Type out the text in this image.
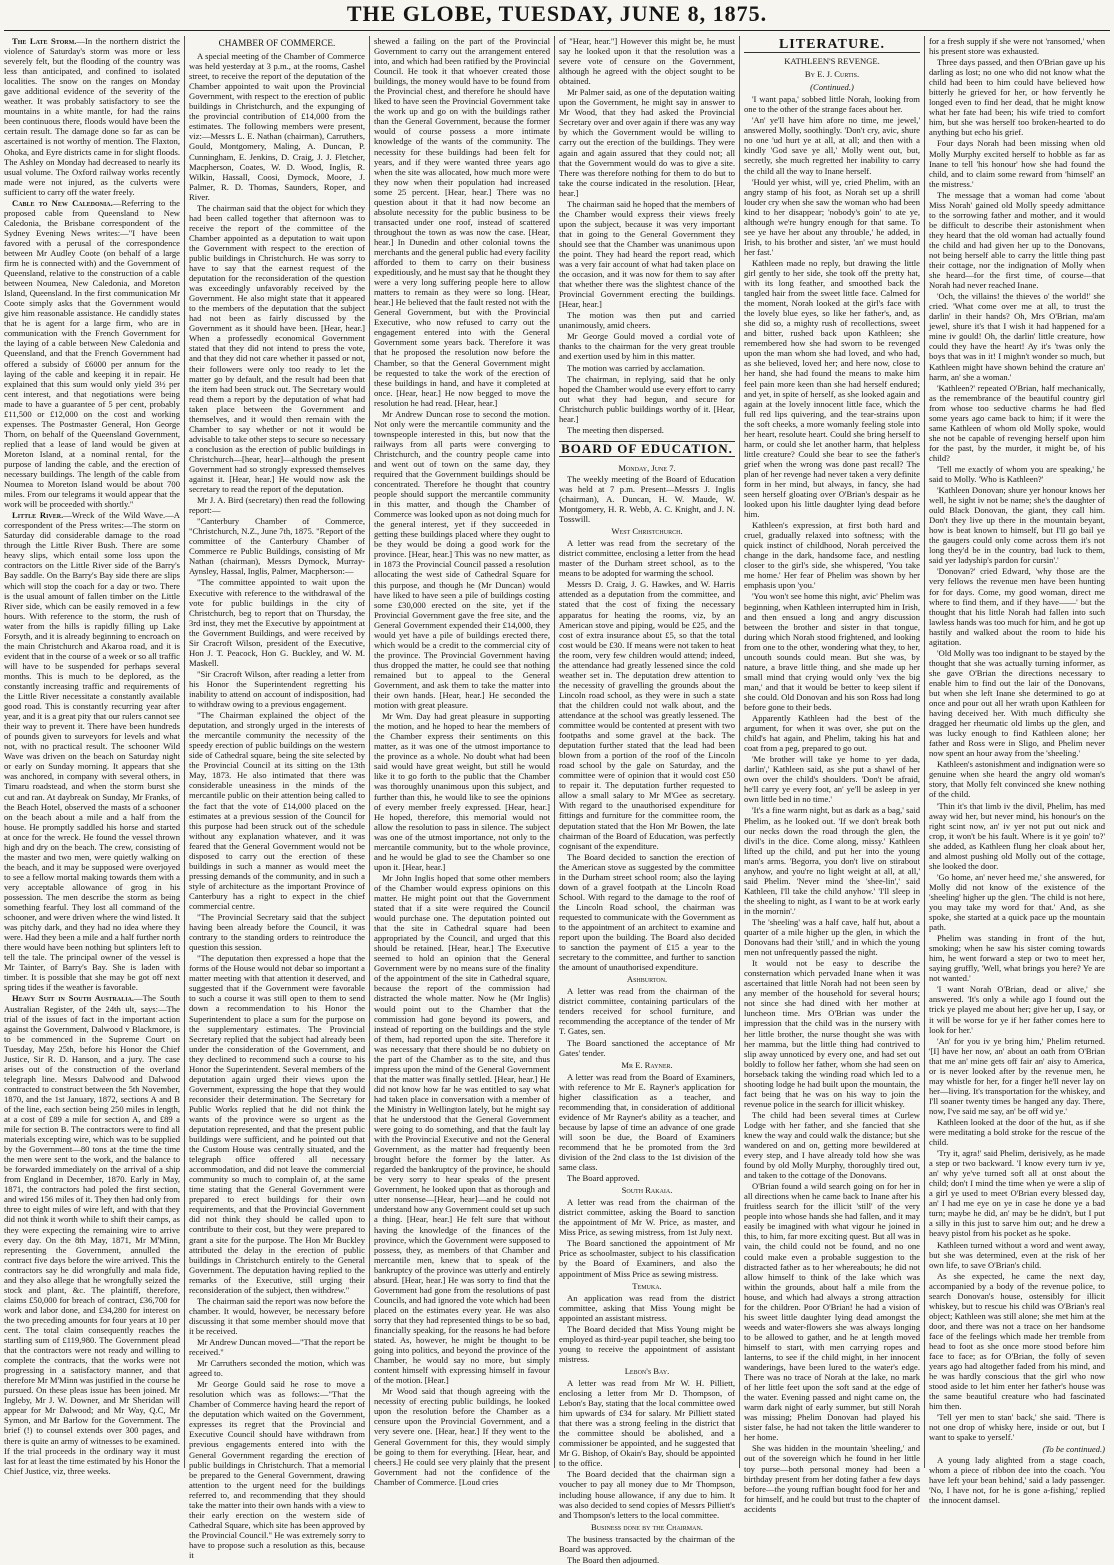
THE GLOBE, TUESDAY, JUNE 8, 1875.

The Late Storm.—In the northern district the violence of Saturday's storm was more or less severely felt, but the flooding of the country was less than anticipated, and confined to isolated localities. The snow on the ranges on Monday gave additional evidence of the severity of the weather. It was probably satisfactory to see the mountains in a white mantle, for had the rains been continuous there, floods would have been the certain result. The damage done so far as can be ascertained is not worthy of mention. The Flaxton, Ohoka, and Eyre districts came in for slight floods. The Ashley on Monday had decreased to nearly its usual volume. The Oxford railway works recently made were not injured, as the culverts were sufficient to carry off the water freely.

Cable to New Caledonia.—Referring to the proposed cable from Queensland to New Caledonia, the Brisbane correspondent of the Sydney Evening News writes:—"I have been favored with a perusal of the correspondence between Mr Audley Coote (on behalf of a large firm he is connected with) and the Government of Queensland, relative to the construction of a cable between Noumea, New Caledonia, and Moreton Island, Queensland. In the first communication Mr Coote simply asks that the Government would give him reasonable assistance. He candidly states that he is agent for a large firm, who are in communication with the French Government for the laying of a cable between New Caledonia and Queensland, and that the French Government had offered a subsidy of £6000 per annum for the laying of the cable and keeping it in repair. He explained that this sum would only yield 3½ per cent interest, and that negotiations were being made to have a guarantee of 5 per cent, probably £11,500 or £12,000 on the cost and working expenses. The Postmaster General, Hon George Thorn, on behalf of the Queensland Government, replied that a lease of land would be given at Moreton Island, at a nominal rental, for the purpose of landing the cable, and the erection of necessary buildings. The length of the cable from Noumea to Moreton Island would be about 700 miles. From our telegrams it would appear that the work will be proceeded with shortly."

Little River.—Wreck of the Wild Wave.—A correspondent of the Press writes:—The storm on Saturday did considerable damage to the road through the Little River Bush. There are some heavy slips, which entail some loss upon the contractors on the Little River side of the Barry's Bay saddle. On the Barry's Bay side there are slips which will stop the coach for a day or two. There is the usual amount of fallen timber on the Little River side, which can be easily removed in a few hours. With reference to the storm, the rush of water from the hills is rapidly filling up Lake Forsyth, and it is already beginning to encroach on the main Christchurch and Akaroa road, and it is evident that in the course of a week or so all traffic will have to be suspended for perhaps several months. This is much to be deplored, as the constantly increasing traffic and requirements of the Little River necessitate a constantly available good road. This is constantly recurring year after year, and it is a great pity that our rulers cannot see their way to prevent it. There have been hundreds of pounds given to surveyors for levels and what not, with no practical result. The schooner Wild Wave was driven on the beach on Saturday night or early on Sunday morning. It appears that she was anchored, in company with several others, in Timaru roadstead, and when the storm burst she cut and ran. At daybreak on Sunday, Mr Franks, of the Beach Hotel, observed the masts of a schooner on the beach about a mile and a half from the house. He promptly saddled his horse and started at once for the wreck. He found the vessel thrown high and dry on the beach. The crew, consisting of the master and two men, were quietly walking on the beach, and it may be supposed were overjoyed to see a fellow mortal making towards them with a very acceptable allowance of grog in his possession. The men describe the storm as being something fearful. They lost all command of the schooner, and were driven where the wind listed. It was pitchy dark, and they had no idea where they were. Had they been a mile and a half further north there would have been nothing but splinters left to tell the tale. The principal owner of the vessel is Mr Tainter, of Barry's Bay. She is laden with timber. It is possible that she may be got off next spring tides if the weather is favorable.

Heavy Suit in South Australia.—The South Australian Register, of the 24th ult, says:—The trial of the issues of fact in the important action against the Government, Dalwood v Blackmore, is to be commenced in the Supreme Court on Tuesday, May 25th, before his Honor the Chief Justice, Sir R. D. Hanson, and a jury. The case arises out of the construction of the overland telegraph line. Messrs Dalwood and Dalwood contracted to construct between the 5th November, 1870, and the 1st January, 1872, sections A and B of the line, each section being 250 miles in length, at a cost of £89 a mile for section A, and £89 a mile for section B. The contractors were to find all materials excepting wire, which was to be supplied by the Government—80 tons at the time the time the men were sent to the work, and the balance to be forwarded immediately on the arrival of a ship from England in December, 1870. Early in May, 1871, the contractors had poled the first section, and wired 156 miles of it. They then had only from three to eight miles of wire left, and with that they did not think it worth while to shift their camps, as they were expecting the remaining wire to arrive every day. On the 8th May, 1871, Mr M'Minn, representing the Government, annulled the contract five days before the wire arrived. This the contractors say he did wrongfully and mala fide, and they also allege that he wrongfully seized the stock and plant, &c. The plaintiff, therefore, claims £50,000 for breach of contract, £36,700 for work and labor done, and £34,280 for interest on the two preceding amounts for four years at 10 per cent. The total claim consequently reaches the startling sum of £119,980. The Government plead that the contractors were not ready and willing to complete the contracts, that the works were not progressing in a satisfactory manner, and that therefore Mr M'Minn was justified in the course he pursued. On these pleas issue has been joined. Mr Ingleby, Mr J. W. Downer, and Mr Sheridan will appear for Mr Dalwood; and Mr Way, Q.C, Mr Symon, and Mr Barlow for the Government. The brief (!) to counsel extends over 300 pages, and there is quite an army of witnesses to be examined. If the trial proceeds in the ordinary way it must last for at least the time estimated by his Honor the Chief Justice, viz, three weeks.

CHAMBER OF COMMERCE.

A special meeting of the Chamber of Commerce was held yesterday at 3 p.m., at the rooms, Cashel street, to receive the report of the deputation of the Chamber appointed to wait upon the Provincial Government, with respect to the erection of public buildings in Christchurch, and the expunging of the provincial contribution of £14,000 from the estimates. The following members were present, viz:—Messrs L. E. Nathan (chairman), Carruthers, Gould, Montgomery, Maling, A. Duncan, P. Cunningham, E. Jenkins, D. Craig, J. J. Fletcher, Macpherson, Coates, W. D. Wood, Inglis, R. Wilkin, Hassall, Coosi, Dymock, Moore, J. Palmer, R. D. Thomas, Saunders, Roper, and River.

The chairman said that the object for which they had been called together that afternoon was to receive the report of the committee of the Chamber appointed as a deputation to wait upon the Government with respect to the erection of public buildings in Christchurch. He was sorry to have to say that the earnest request of the deputation for the reconsideration of the question was exceedingly unfavorably received by the Government. He also might state that it appeared to the members of the deputation that the subject had not been as fairly discussed by the Government as it should have been. [Hear, hear.] When a professedly economical Government stated that they did not intend to press the vote, and that they did not care whether it passed or not, their followers were only too ready to let the matter go by default, and the result had been that the item had been struck out. The Secretary would read them a report by the deputation of what had taken place between the Government and themselves, and it would then remain with the Chamber to say whether or not it would be advisable to take other steps to secure so necessary a conclusion as the erection of public buildings in Christchurch—[hear, hear]—although the present Government had so strongly expressed themselves against it. [Hear, hear.] He would now ask the secretary to read the report of the deputation.

Mr J. A. Bird (secretary) then read the following report:—

"Canterbury Chamber of Commerce, "Christchurch, N.Z., June 7th, 1875. "Report of the committee of the Canterbury Chamber of Commerce re Public Buildings, consisting of Mr Nathan (chairman), Messrs Dymock, Murray-Aynsley, Hassal, Inglis, Palmer, Macpherson:—

"The committee appointed to wait upon the Executive with reference to the withdrawal of the vote for public buildings in the city of Christchurch, beg to report that on Thursday, the 3rd inst, they met the Executive by appointment at the Government Buildings, and were received by Sir Cracroft Wilson, president of the Executive, Hon J. T. Peacock, Hon G. Buckley, and W. M. Maskell.

"Sir Cracroft Wilson, after reading a letter from his Honor the Superintendent regretting his inability to attend on account of indisposition, had to withdraw owing to a previous engagement.

"The Chairman explained the object of the deputation, and strongly urged in the interests of the mercantile community the necessity of the speedy erection of public buildings on the western side of Cathedral square, being the site selected by the Provincial Council at its sitting on the 13th May, 1873. He also intimated that there was considerable uneasiness in the minds of the mercantile public on their attention being called to the fact that the vote of £14,000 placed on the estimates at a previous session of the Council for this purpose had been struck out of the schedule without any explanation whatever, and it was feared that the General Government would not be disposed to carry out the erection of these buildings in such a manner as would meet the pressing demands of the community, and in such a style of architecture as the important Province of Canterbury has a right to expect in the chief commercial centre.

"The Provincial Secretary said that the subject having been already before the Council, it was contrary to the standing orders to reintroduce the question this session.

"The deputation then expressed a hope that the forms of the House would not debar so important a matter meeting with that attention it deserved, and suggested that if the Government were favorable to such a course it was still open to them to send down a recommendation to his Honor the Superintendent to place a sum for the purpose on the supplementary estimates. The Provincial Secretary replied that the subject had already been under the consideration of the Government, and they declined to recommend such a course to his Honor the Superintendent. Several members of the deputation again urged their views upon the Government, expressing the hope that they would reconsider their determination. The Secretary for Public Works replied that he did not think the wants of the province were so urgent as the deputation represented, and that the present public buildings were sufficient, and he pointed out that the Custom House was centrally situated, and the telegraph office offered all necessary accommodation, and did not leave the commercial community so much to complain of, at the same time stating that the General Government were prepared to erect buildings for their own requirements, and that the Provincial Government did not think they should be called upon to contribute to their cost, but they were prepared to grant a site for the purpose. The Hon Mr Buckley attributed the delay in the erection of public buildings in Christchurch entirely to the General Government. The deputation having replied to the remarks of the Executive, still urging their reconsideration of the subject, then withdrew."

The chairman said the report was now before the chamber. It would, however, be necessary before discussing it that some member should move that it be received.

Mr Andrew Duncan moved—"That the report be received."

Mr Carruthers seconded the motion, which was agreed to.

Mr George Gould said he rose to move a resolution which was as follows:—"That the Chamber of Commerce having heard the report of the deputation which waited on the Government, expresses its regret that the Provincial and Executive Council should have withdrawn from previous engagements entered into with the General Government regarding the erection of public buildings in Christchurch. That a memorial be prepared to the General Government, drawing attention to the urgent need for the buildings referred to, and recommending that they should take the matter into their own hands with a view to their early erection on the western side of Cathedral Square, which site has been approved by the Provincial Council." He was extremely sorry to have to propose such a resolution as this, because it

shewed a failing on the part of the Provincial Government to carry out the arrangement entered into, and which had been ratified by the Provincial Council. He took it that whoever created those buildings, the money would have to be found from the Provincial chest, and therefore he should have liked to have seen the Provincial Government take the work up and go on with the buildings rather than the General Government, because the former would of course possess a more intimate knowledge of the wants of the community. The necessity for these buildings had been felt for years, and if they were wanted three years ago when the site was allocated, how much more were they now when their population had increased some 25 percent. [Hear, hear.] There was no question about it that it had now become an absolute necessity for the public business to be transacted under one roof, instead of scattered throughout the town as was now the case. [Hear, hear.] In Dunedin and other colonial towns the merchants and the general public had every facility afforded to them to carry on their business expeditiously, and he must say that he thought they were a very long suffering people here to allow matters to remain as they were so long. [Hear, hear.] He believed that the fault rested not with the General Government, but with the Provincial Executive, who now refused to carry out the engagement entered into with the General Government some years back. Therefore it was that he proposed the resolution now before the Chamber, so that the General Government might be requested to take the work of the erection of these buildings in hand, and have it completed at once. [Hear, hear.] He now begged to move the resolution he had read. [Hear, hear.]

Mr Andrew Duncan rose to second the motion. Not only were the mercantile community and the townspeople interested in this, but now that the railways from all parts were converging to Christchurch, and the country people came into and went out of town on the same day, they required that the Government buildings should be concentrated. Therefore he thought that country people should support the mercantile community in this matter, and though the Chamber of Commerce was looked upon as not doing much for the general interest, yet if they succeeded in getting these buildings placed where they ought to be they would be doing a good work for the province. [Hear, hear.] This was no new matter, as in 1873 the Provincial Council passed a resolution allocating the west side of Cathedral Square for this purpose, and though he (Mr Duncan) would have liked to have seen a pile of buildings costing some £30,000 erected on the site, yet if the Provincial Government gave the free site, and the General Government expended their £14,000, they would yet have a pile of buildings erected there, which would be a credit to the commercial city of the province. The Provincial Government having thus dropped the matter, he could see that nothing remained but to appeal to the General Government, and ask them to take the matter into their own hands. [Hear, hear.] He seconded the motion with great pleasure.

Mr Wm. Day had great pleasure in supporting the motion, and he hoped to hear the members of the Chamber express their sentiments on this matter, as it was one of the utmost importance to the province as a whole. No doubt what had been said would have great weight, but still he would like it to go forth to the public that the Chamber was thoroughly unanimous upon this subject, and further than this, he would like to see the opinions of every member freely expressed. [Hear, hear.] He hoped, therefore, this memorial would not allow the resolution to pass in silence. The subject was one of the utmost importance, not only to the mercantile community, but to the whole province, and he would be glad to see the Chamber so one upon it. [Hear, hear.]

Mr John Inglis hoped that some other members of the Chamber would express opinions on this matter. He might point out that the Government stated that if a site were required the Council would purchase one. The deputation pointed out that the site in Cathedral square had been appropriated by the Council, and urged that this should be retained. [Hear, hear.] The Executive seemed to hold an opinion that the General Government were by no means sure of the finality of the appointment of the site in Cathedral square, because the report of the commission had distracted the whole matter. Now he (Mr Inglis) would point out to the Chamber that the commission had gone beyond its powers, and instead of reporting on the buildings and the style of them, had reported upon the site. Therefore it was necessary that there should be no dubiety on the part of the Chamber as to the site, and thus impress upon the mind of the General Government that the matter was finally settled. [Hear, hear.] He did not know how far he was entitled to say what had taken place in conversation with a member of the Ministry in Wellington lately, but he might say that he understood that the General Government were going to do something, and that the fault lay with the Provincial Executive and not the General Government, as the matter had frequently been brought before the former by the latter. As regarded the bankruptcy of the province, he should be very sorry to hear speaks of the present Government, he looked upon that as thorough and utter nonsense—[Hear, hear]—and he could not understand how any Government could set up such a thing. [Hear, hear.] He felt sure that without having the knowledge of the finances of the province, which the Government were supposed to possess, they, as members of that Chamber and mercantile men, knew that to speak of the bankruptcy of the province was utterly and entirely absurd. [Hear, hear.] He was sorry to find that the Government had gone from the resolutions of past Councils, and had ignored the vote which had been placed on the estimates every year. He was also sorry that they had represented things to be so bad, financially speaking, for the reasons he had before stated. As, however, he might be thought to be going into politics, and beyond the province of the Chamber, he would say no more, but simply content himself with expressing himself in favour of the motion. [Hear.]

Mr Wood said that though agreeing with the necessity of erecting public buildings, he looked upon the resolution before the Chamber as a censure upon the Provincial Government, and a very severe one. [Hear, hear.] If they went to the General Government for this, they would simply be going to them for everything. [Hear, hear, and cheers.] He could see very plainly that the present Government had not the confidence of the Chamber of Commerce. [Loud cries

of "Hear, hear."] However this might be, he must say he looked upon it that the resolution was a severe vote of censure on the Government, although he agreed with the object sought to be obtained.

Mr Palmer said, as one of the deputation waiting upon the Government, he might say in answer to Mr Wood, that they had asked the Provincial Secretary over and over again if there was any way by which the Government would be willing to carry out the erection of the buildings. They were again and again assured that they could not; all that the Government would do was to give a site. There was therefore nothing for them to do but to take the course indicated in the resolution. [Hear, hear.]

The chairman said he hoped that the members of the Chamber would express their views freely upon the subject, because it was very important that in going to the General Government they should see that the Chamber was unanimous upon the point. They had heard the report read, which was a very fair account of what had taken place on the occasion, and it was now for them to say after that whether there was the slightest chance of the Provincial Government erecting the buildings. [Hear, hear.]

The motion was then put and carried unanimously, amid cheers.

Mr George Gould moved a cordial vote of thanks to the chairman for the very great trouble and exertion used by him in this matter.

The motion was carried by acclamation.

The chairman, in replying, said that he only hoped the Chamber would use every effort to carry out what they had begun, and secure for Christchurch public buildings worthy of it. [Hear, hear.]

The meeting then dispersed.

BOARD OF EDUCATION.
Monday, June 7.

The weekly meeting of the Board of Education was held at 7 p.m. Present—Messrs J. Inglis (chairman), A. Duncan, H. W. Maude, W. Montgomery, H. R. Webb, A. C. Knight, and J. N. Tosswill.

West Christchurch.

A letter was read from the secretary of the district committee, enclosing a letter from the head master of the Durham street school, as to the means to be adopted for warming the school.

Messrs D. Craig, J. G. Hawkes, and W. Harris attended as a deputation from the committee, and stated that the cost of fixing the necessary apparatus for heating the rooms, viz, by an American stove and piping, would be £25, and the cost of extra insurance about £5, so that the total cost would be £30. If means were not taken to heat the room, very few children would attend; indeed, the attendance had greatly lessened since the cold weather set in. The deputation drew attention to the necessity of gravelling the grounds about the Lincoln road school, as they were in such a state that the children could not walk about, and the attendance at the school was greatly lessened. The committee would be contented at present with two footpaths and some gravel at the back. The deputation further stated that the lead had been blown from a portion of the roof of the Lincoln road school by the gale on Saturday, and the committee were of opinion that it would cost £50 to repair it. The deputation further requested to allow a small salary to Mr M'Gee as secretary. With regard to the unauthorised expenditure for fittings and furniture for the committee room, the deputation stated that the Hon Mr Bowen, the late chairman of the Board of Education, was perfectly cognisant of the expenditure.

The Board decided to sanction the erection of the American stove as suggested by the committee in the Durham street school room; also the laying down of a gravel footpath at the Lincoln Road School. With regard to the damage to the roof of the Lincoln Road school, the chairman was requested to communicate with the Government as to the appointment of an architect to examine and report upon the building. The Board also decided to sanction the payment of £15 a year to the secretary to the committee, and further to sanction the amount of unauthorised expenditure.

Ashburton.

A letter was read from the chairman of the district committee, containing particulars of the tenders received for school furniture, and recommending the acceptance of the tender of Mr T. Gates, sen.

The Board sanctioned the acceptance of Mr Gates' tender.

Mr E. Rayner.

A letter was read from the Board of Examiners, with reference to Mr E. Rayner's application for higher classification as a teacher, and recommending that, in consideration of additional evidence of Mr Rayner's ability as a teacher, and because by lapse of time an advance of one grade will soon be due, the Board of Examiners recommend that he be promoted from the 3rd division of the 2nd class to the 1st division of the same class.

The Board approved.

South Rakaia.

A letter was read from the chairman of the district committee, asking the Board to sanction the appointment of Mr W. Price, as master, and Miss Price, as sewing mistress, from 1st July next.

The Board sanctioned the appointment of Mr Price as schoolmaster, subject to his classification by the Board of Examiners, and also the appointment of Miss Price as sewing mistress.

Temuka.

An application was read from the district committee, asking that Miss Young might be appointed an assistant mistress.

The Board decided that Miss Young might be employed as third-year pupil teacher, she being too young to receive the appointment of assistant mistress.

Lebon's Bay.

A letter was read from Mr W. H. Pilliett, enclosing a letter from Mr D. Thompson, of Lebon's Bay, stating that the local committee owed him upwards of £34 for salary. Mr Pilliett stated that there was a strong feeling in the district that the committee should be abolished, and a commissioner be appointed, and he suggested that Mr G. Bishop, of Okain's Bay, should be appointed to the office.

The Board decided that the chairman sign a voucher to pay all money due to Mr Thompson, including house allowance, if any due to him. It was also decided to send copies of Messrs Pilliett's and Thompson's letters to the local committee.

Business done by the Chairman.

The business transacted by the chairman of the Board was approved.

The Board then adjourned.

LITERATURE.
KATHLEEN'S REVENGE.
By E. J. Curtis.
(Continued.)

'I want papa,' sobbed little Norah, looking from one to the other of the strange faces about her.

'An' ye'll have him afore no time, me jewel,' answered Molly, soothingly. 'Don't cry, avic, shure no one 'ud hurt ye at all, at all; and then with a kindly 'God save ye all,' Molly went out, but, secretly, she much regretted her inability to carry the child all the way to Inane herself.

'Hould yer whist, will ye, cried Phelim, with an angry stamp of his foot, as Norah set up a shrill louder cry when she saw the woman who had been kind to her disappear; 'nobody's goin' to ate ye, although we're hungry enough for that same. To see ye have her about any throuble,' he added, in Irish, to his brother and sister, 'an' we must hould her fast.'

Kathleen made no reply, but drawing the little girl gently to her side, she took off the pretty hat, with its long feather, and smoothed back the tangled hair from the sweet little face. Calmed for the moment, Norah looked at the girl's face with the lovely blue eyes, so like her father's, and, as she did so, a mighty rush of recollections, sweet and bitter, rushed back upon Kathleen; she remembered how she had sworn to be revenged upon the man whom she had loved, and who had, as she believed, loved her; and here now, close to her hand, she had found the means to make him feel pain more keen than she had herself endured; and yet, in spite of herself, as she looked again and again at the lovely innocent little face, which the full red lips quivering, and the tear-strains upon the soft cheeks, a more womanly feeling stole into her heart, resolute heart. Could she bring herself to harm, or could she let another harm, that helpless little creature? Could she bear to see the father's grief when the wrong was done past recall? The plan of her revenge had never taken a very definite form in her mind, but always, in fancy, she had seen herself gloating over O'Brian's despair as he looked upon his little daughter lying dead before him.

Kathleen's expression, at first both hard and cruel, gradually relaxed into softness; with the quick instinct of childhood, Norah perceived the change in the dark, handsome face, and nestling closer to the girl's side, she whispered, 'You take me home.' Her fear of Phelim was shown by her emphasis upon 'you.'

'You won't see home this night, avic' Phelim was beginning, when Kathleen interrupted him in Irish, and then ensued a long and angry discussion between the brother and sister in that tongue, during which Norah stood frightened, and looking from one to the other, wondering what they, to her, uncouth sounds could mean. But she was, by nature, a brave little thing, and she made up her small mind that crying would only 'vex the big man,' and that it would be better to keep silent if she could. Old Donovan and his son Ross had long before gone to their beds.

Apparently Kathleen had the best of the argument, for when it was over, she put on the child's hat again, and Phelim, taking his hat and coat from a peg, prepared to go out.

'Me brother will take ye home to yer dada, darlin',' Kathleen said, as she put a shawl of her own over the child's shoulders. 'Don't be afraid, he'll carry ye every foot, an' ye'll be asleep in yer own little bed in no time.'

'It's a fine warm night, but as dark as a bag,' said Phelim, as he looked out. 'If we don't break both our necks down the road through the glen, the divil's in the dice. Come along, missy.' Kathleen lifted up the child, and put her into the young man's arms. 'Begorra, you don't live on stirabout anyhow, and you're no light weight at all, at all,' said Phelim. 'Never mind the 'shee-lin',' said Kathleen, I'll take the child anyhow.' 'I'll sleep in the sheeling to night, as I want to be at work early in the mornin'.'

The 'sheeling' was a half cave, half hut, about a quarter of a mile higher up the glen, in which the Donovans had their 'still,' and in which the young men not unfrequently passed the night.

It would not be easy to describe the consternation which pervaded Inane when it was ascertained that little Norah had not been seen by any member of the household for several hours; not since she had dined with her mother at luncheon time. Mrs O'Brian was under the impression that the child was in the nursery with her little brother, the nurse thought she was with her mamma, but the little thing had contrived to slip away unnoticed by every one, and had set out boldly to follow her father, whom she had seen on horseback taking the winding road which led to a shooting lodge he had built upon the mountain, the fact being that he was on his way to join the revenue police in the search for illicit whiskey.

The child had been several times at Curlew Lodge with her father, and she fancied that she knew the way and could walk the distance; but she wandered on and on, getting more bewildered at every step, and I have already told how she was found by old Molly Murphy, thoroughly tired out, and taken to the cottage of the Donovans.

O'Brian found a wild search going on for her in all directions when he came back to Inane after his fruitless search for the illicit 'still' of the very people into whose hands she had fallen, and it may easily be imagined with what vigour he joined in this, to him, far more exciting quest. But all was in vain, the child could not be found, and no one could make even a probable suggestion to the distracted father as to her whereabouts; he did not allow himself to think of the lake which was within the grounds, about half a mile from the house, and which had always a strong attraction for the children. Poor O'Brian! he had a vision of his sweet little daughter lying dead amongst the weeds and water-flowers she was always longing to be allowed to gather, and he at length moved himself to start, with men carrying ropes and lanterns, to see if the child might, in her innocent wanderings, have been lured to the water's edge. There was no trace of Norah at the lake, no mark of her little feet upon the soft sand at the edge of the water. Evening passed and night came on, the warm dark night of early summer, but still Norah was missing; Phelim Donovan had played his sister false, he had not taken the little wanderer to her home.

She was hidden in the mountain 'sheeling,' and out of the sovereign which he found in her little toy purse—both personal money had been a birthday present from her doting father a few days before—the young ruffian bought food for her and for himself, and he could but trust to the chapter of accidents

for a fresh supply if she were not 'ransomed,' when his present store was exhausted.

Three days passed, and then O'Brian gave up his darling as lost; no one who did not know what the child had been to him could have believed how bitterly he grieved for her, or how fervently he longed even to find her dead, that he might know what her fate had been; his wife tried to comfort him, but she was herself too broken-hearted to do anything but echo his grief.

Four days Norah had been missing when old Molly Murphy excited herself to hobble as far as Inane to tell 'his honour' how she had found the child, and to claim some reward from 'himself' an the mistress.'

The message that a woman had come 'about Miss Norah' gained old Molly speedy admittance to the sorrowing father and mother, and it would be difficult to describe their astonishment when they heard that the old woman had actually found the child and had given her up to the Donovans, not being herself able to carry the little thing past their cottage, nor the indignation of Molly when she heard—for the first time, of course—that Norah had never reached Inane.

'Och, the villains! the thieves o' the world!' she cried. 'What come over me at all, to trust the darlin' in their hands? Oh, Mrs O'Brian, ma'am jewel, shure it's that I wish it had happened for a mine iv gould! Oh, the darlin' little creature, how could they have the heart! Ay it's 'twas only the boys that was in it! I mighn't wonder so much, but Kathleen might have shown behind the crature an' harm, an' she a woman.'

'Kathleen?' repeated O'Brian, half mechanically, as the remembrance of the beautiful country girl from whose too seductive charms he had fled some years ago came back to him; if it were the same Kathleen of whom old Molly spoke, would she not be capable of revenging herself upon him for the past, by the murder, it might be, of his child?

'Tell me exactly of whom you are speaking,' he said to Molly. 'Who is Kathleen?'

'Kathleen Donovan; shure yer honour knows her well, he sight iv not be name; she's the daughter of ould Black Donovan, the giant, they call him. Don't they live up there in the mountain beyant, how is beat known to himself, but I'll go bail ye the gaugers could only come across them it's not long they'd be in the country, bad luck to them, said yer ladyship's pardon for cursin'.'

'Donovan?' cried Edward, 'why those are the very fellows the revenue men have been hunting for for days. Come, my good woman, direct me where to find them, and if they have——' but the thought that his little Norah had fallen into such lawless hands was too much for him, and he got up hastily and walked about the room to hide his agitation.

'Old Molly was too indignant to be stayed by the thought that she was actually turning informer, as she gave O'Brian the directions necessary to enable him to find out the lair of the Donovans, but when she left Inane she determined to go at once and pour out all her wrath upon Kathleen for having deceived her. With much difficulty she dragged her rheumatic old limbs up the glen, and was lucky enough to find Kathleen alone; her father and Ross were in Sligo, and Phelim never now spent an hour away from the 'sheeling.'

Kathleen's astonishment and indignation were so genuine when she heard the angry old woman's story, that Molly felt convinced she knew nothing of the child.

'Thin it's that limb iv the divil, Phelim, has med away wid her, but never mind, his honour's on the right scint now, an' iv yer not put out nick and crop, it won't be his fault. Where is it ye goin' to?' she added, as Kathleen flung her cloak about her, and almost pushing old Molly out of the cottage, she looked the door.

'Go home, an' never heed me,' she answered, for Molly did not know of the existence of the 'sheeling' higher up the glen. 'The child is not here, you may take my word for that.' And, as she spoke, she started at a quick pace up the mountain path.

Phelim was standing in front of the hut, smoking; when he saw his sister coming towards him, he went forward a step or two to meet her, saying gruffly, 'Well, what brings you here? Ye are not wanted.'

'I want Norah O'Brian, dead or alive,' she answered. 'It's only a while ago I found out the trick ye played me about her; give her up, I say, or it will be worse for ye if her father comes here to look for her.'

'An' for you iv ye bring him,' Phelim returned. '[I] have her now, an' about an oath from O'Brian that me an' mine gets off fair an' aisy to America, or is never looked after by the revenue men, he may whistle for her, for a finger he'll never lay on her—living. It's transportation for the whiskey, and I'll soaner twenty times be hanged any day. There, now, I've said me say, an' be off wid ye.'

Kathleen looked at the door of the hut, as if she were meditating a bold stroke for the rescue of the child.

'Try it, agra!' said Phelim, derisively, as he made a step or two backward. 'I know every turn iv ye, an' why ye've turned soft all at onst about the child; don't I mind the time when ye were a slip of a girl ye used to meet O'Brian every blessed day, an' I had me eye on ye in case he done ye a bad turn; maybe he did, an' may be he didn't, but I put a silly in this just to sarve him out; and he drew a heavy pistol from his pocket as he spoke.

Kathleen turned without a word and went away, but she was determined, even at the risk of her own life, to save O'Brian's child.

As she expected, he came the next day, accompanied by a body of the revenue police, to search Donovan's house, ostensibly for illicit whiskey, but to rescue his child was O'Brian's real object; Kathleen was still alone; she met him at the door, and there was not a trace on her handsome face of the feelings which made her tremble from head to foot as she once more stood before him face to face; as for O'Brian, the folly of seven years ago had altogether faded from his mind, and he was hardly conscious that the girl who now stood aside to let him enter her father's house was the same beautiful creature who had fascinated him then.

'Tell yer men to stan' back,' she said. 'There is not one drop of whisky here, inside or out, but I want to spake to yerself.'

(To be continued.)

A young lady alighted from a stage coach, whom a piece of ribbon dee into the coach. 'You have left your bean behind,' said a lady passenger. 'No, I have not, for he is gone a-fishing,' replied the innocent damsel.
